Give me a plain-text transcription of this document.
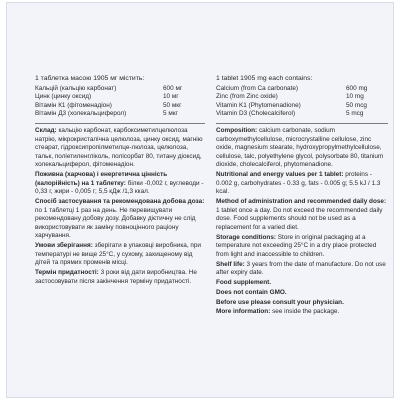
1 таблетка масою 1905 мг містить:
Кальцій (кальцію карбонат)	600 мг
Цинк (цинку оксид)	10 мг
Вітамін К1 (фітоменадіон)	50 мкг
Вітамін Д3 (холекальциферол)	5 мкг

Склад: кальцію карбонат, карбоксиметилцелюлоза натрію, мікрокристалічна целюлоза, цинку оксид, магнію стеарат, гідроксипропілметилце-люлоза, целюлоза, тальк, поліетиленгліколь, полісорбат 80, титану діоксид, холекальциферол, фітоменадіон.

Поживна (харчова) і енергетична цінність (калорійність) на 1 таблетку: білки -0,002 г, вуглеводи - 0,33 г, жири - 0,005 г; 5,5 кДж /1,3 ккал.

Спосіб застосування та рекомендована добова доза: по 1 таблетці 1 раз на день. Не перевищувати рекомендовану добову дозу. Добавку дієтичну не слід використовувати як заміну повноцінного раціону харчування.

Умови зберігання: зберігати в упаковці виробника, при температурі не вище 25°С, у сухому, захищеному від дітей та прямих променів місці.

Термін придатності: 3 роки від дати виробництва. Не застосовувати після закінчення терміну придатності.

1 tablet 1905 mg each contains:
Calcium (from Ca carbonate)	600 mg
Zinc (from Zinc oxide)	10 mg
Vitamin K1 (Phytomenadione)	50 mcg
Vitamin D3 (Cholecalciferol)	5 mcg

Composition: calcium carbonate, sodium carboxymethylcellulose, microcrystalline cellulose, zinc oxide, magnesium stearate, hydroxypropylmethylcellulose, cellulose, talc, polyethylene glycol, polysorbate 80, titanium dioxide, cholecalciferol, phytomenadione.

Nutritional and energy values per 1 tablet: proteins - 0.002 g, carbohydrates - 0.33 g, fats - 0.005 g; 5.5 kJ / 1.3 kcal.

Method of administration and recommended daily dose: 1 tablet once a day. Do not exceed the recommended daily dose. Food supplements should not be used as a replacement for a varied diet.

Storage conditions: Store in original packaging at a temperature not exceeding 25°C in a dry place protected from light and inaccessible to children.

Shelf life: 3 years from the date of manufacture. Do not use after expiry date.

Food supplement.

Does not contain GMO.

Before use please consult your physician.

More information: see inside the package.
